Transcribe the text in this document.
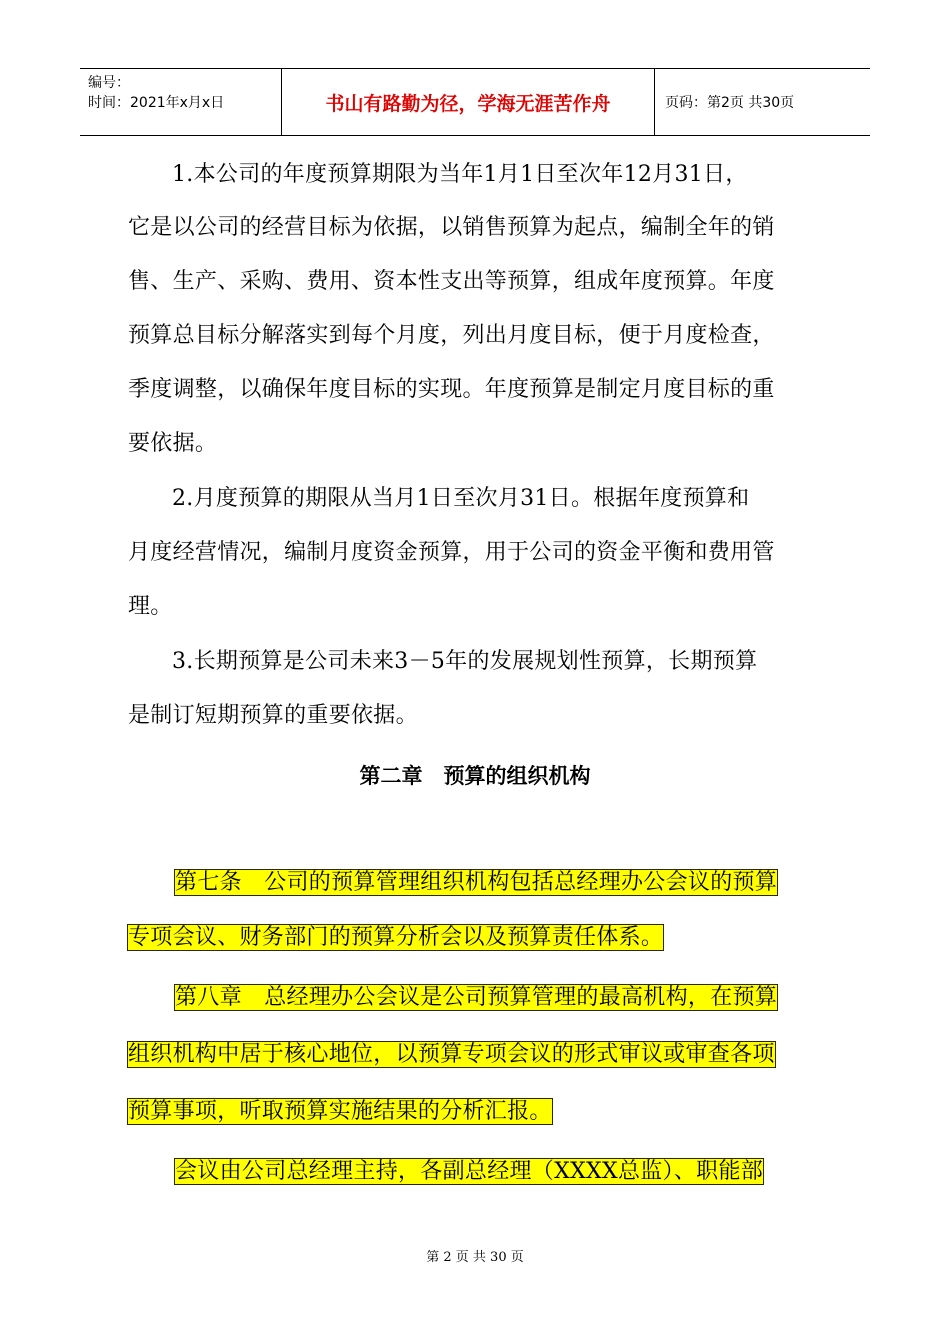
编号：
时间：2021年x月x日	书山有路勤为径，学海无涯苦作舟	页码：第2页 共30页
1.本公司的年度预算期限为当年1月1日至次年12月31日，
它是以公司的经营目标为依据，以销售预算为起点，编制全年的销
售、生产、采购、费用、资本性支出等预算，组成年度预算。年度
预算总目标分解落实到每个月度，列出月度目标，便于月度检查，
季度调整，以确保年度目标的实现。年度预算是制定月度目标的重
要依据。
2.月度预算的期限从当月1日至次月31日。根据年度预算和
月度经营情况，编制月度资金预算，用于公司的资金平衡和费用管
理。
3.长期预算是公司未来3－5年的发展规划性预算，长期预算
是制订短期预算的重要依据。
第二章　预算的组织机构
第七条　公司的预算管理组织机构包括总经理办公会议的预算
专项会议、财务部门的预算分析会以及预算责任体系。
第八章　总经理办公会议是公司预算管理的最高机构，在预算
组织机构中居于核心地位，以预算专项会议的形式审议或审查各项
预算事项，听取预算实施结果的分析汇报。
会议由公司总经理主持，各副总经理（XXXX总监）、职能部
第 2 页 共 30 页
